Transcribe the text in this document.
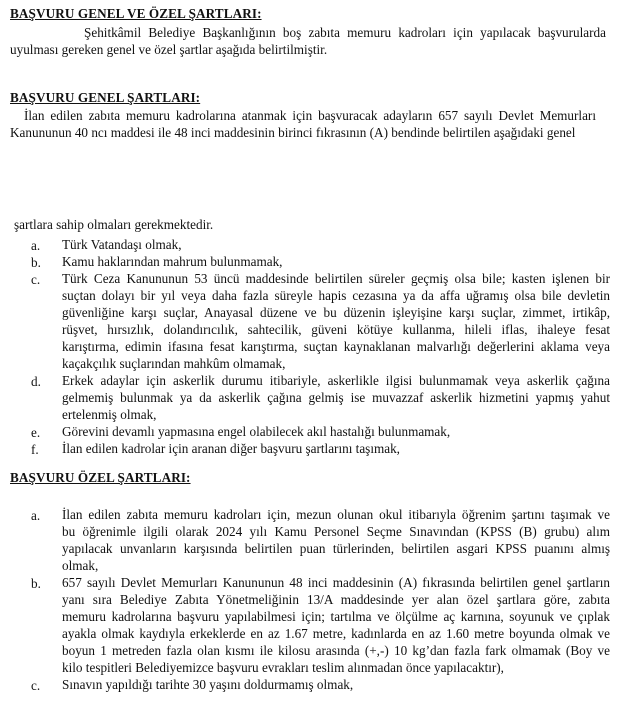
BAŞVURU GENEL VE ÖZEL ŞARTLARI:
Şehitkâmil Belediye Başkanlığının boş zabıta memuru kadroları için yapılacak başvurularda
uyulması gereken genel ve özel şartlar aşağıda belirtilmiştir.
BAŞVURU GENEL ŞARTLARI:
İlan edilen zabıta memuru kadrolarına atanmak için başvuracak adayların 657 sayılı Devlet Memurları
Kanununun 40 ncı maddesi ile 48 inci maddesinin birinci fıkrasının (A) bendinde belirtilen aşağıdaki genel
şartlara sahip olmaları gerekmektedir.
a. Türk Vatandaşı olmak,
b. Kamu haklarından mahrum bulunmamak,
c. Türk Ceza Kanununun 53 üncü maddesinde belirtilen süreler geçmiş olsa bile; kasten işlenen bir
suçtan dolayı bir yıl veya daha fazla süreyle hapis cezasına ya da affa uğramış olsa bile devletin
güvenliğine karşı suçlar, Anayasal düzene ve bu düzenin işleyişine karşı suçlar, zimmet, irtikâp,
rüşvet, hırsızlık, dolandırıcılık, sahtecilik, güveni kötüye kullanma, hileli iflas, ihaleye fesat
karıştırma, edimin ifasına fesat karıştırma, suçtan kaynaklanan malvarlığı değerlerini aklama veya
kaçakçılık suçlarından mahkûm olmamak,
d. Erkek adaylar için askerlik durumu itibariyle, askerlikle ilgisi bulunmamak veya askerlik çağına
gelmemiş bulunmak ya da askerlik çağına gelmiş ise muvazzaf askerlik hizmetini yapmış yahut
ertelenmiş olmak,
e. Görevini devamlı yapmasına engel olabilecek akıl hastalığı bulunmamak,
f. İlan edilen kadrolar için aranan diğer başvuru şartlarını taşımak,
BAŞVURU ÖZEL ŞARTLARI:
a. İlan edilen zabıta memuru kadroları için, mezun olunan okul itibarıyla öğrenim şartını taşımak ve
bu öğrenimle ilgili olarak 2024 yılı Kamu Personel Seçme Sınavından (KPSS (B) grubu) alım
yapılacak unvanların karşısında belirtilen puan türlerinden, belirtilen asgari KPSS puanını almış
olmak,
b. 657 sayılı Devlet Memurları Kanununun 48 inci maddesinin (A) fıkrasında belirtilen genel şartların
yanı sıra Belediye Zabıta Yönetmeliğinin 13/A maddesinde yer alan özel şartlara göre, zabıta
memuru kadrolarına başvuru yapılabilmesi için; tartılma ve ölçülme aç karnına, soyunuk ve çıplak
ayakla olmak kaydıyla erkeklerde en az 1.67 metre, kadınlarda en az 1.60 metre boyunda olmak ve
boyun 1 metreden fazla olan kısmı ile kilosu arasında (+,-) 10 kg’dan fazla fark olmamak (Boy ve
kilo tespitleri Belediyemizce başvuru evrakları teslim alınmadan önce yapılacaktır),
c. Sınavın yapıldığı tarihte 30 yaşını doldurmamış olmak,
